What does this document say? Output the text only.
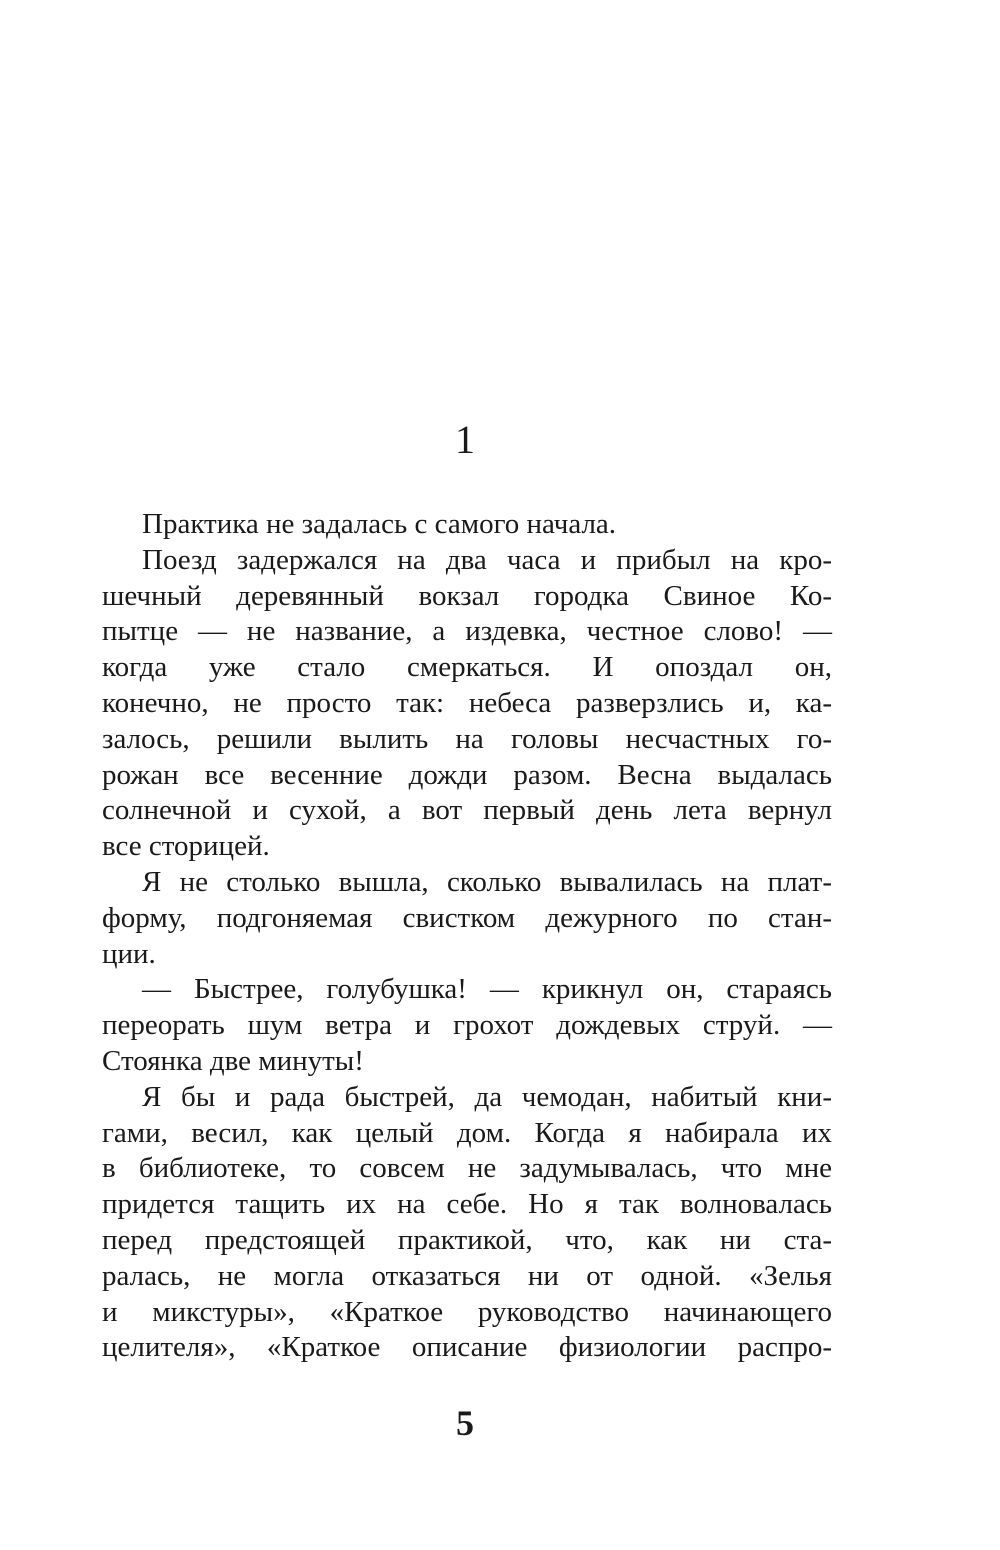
1
Практика не задалась с самого начала.
Поезд задержался на два часа и прибыл на кро-
шечный деревянный вокзал городка Свиное Ко-
пытце — не название, а издевка, честное слово! —
когда уже стало смеркаться. И опоздал он,
конечно, не просто так: небеса разверзлись и, ка-
залось, решили вылить на головы несчастных го-
рожан все весенние дожди разом. Весна выдалась
солнечной и сухой, а вот первый день лета вернул
все сторицей.
Я не столько вышла, сколько вывалилась на плат-
форму, подгоняемая свистком дежурного по стан-
ции.
— Быстрее, голубушка! — крикнул он, стараясь
переорать шум ветра и грохот дождевых струй. —
Стоянка две минуты!
Я бы и рада быстрей, да чемодан, набитый кни-
гами, весил, как целый дом. Когда я набирала их
в библиотеке, то совсем не задумывалась, что мне
придется тащить их на себе. Но я так волновалась
перед предстоящей практикой, что, как ни ста-
ралась, не могла отказаться ни от одной. «Зелья
и микстуры», «Краткое руководство начинающего
целителя», «Краткое описание физиологии распро-
5
